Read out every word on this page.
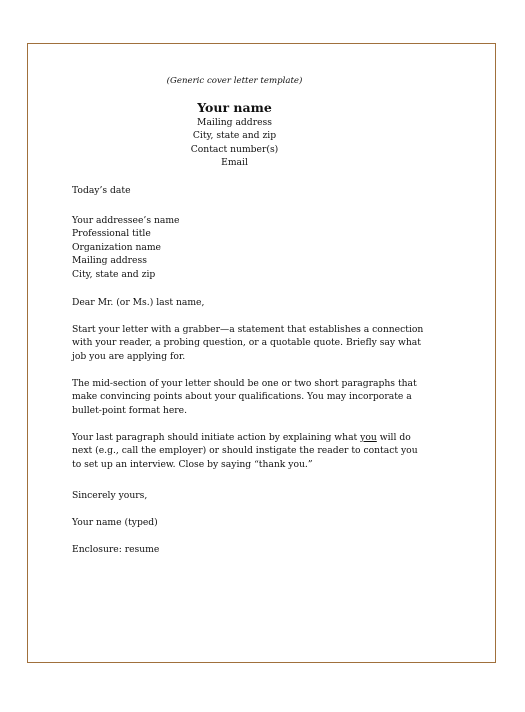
(Generic cover letter template)
Your name
Mailing address
City, state and zip
Contact number(s)
Email
Today’s date
Your addressee’s name
Professional title
Organization name
Mailing address
City, state and zip
Dear Mr. (or Ms.) last name,

Start your letter with a grabber—a statement that establishes a connection with your reader, a probing question, or a quotable quote. Briefly say what job you are applying for.

The mid-section of your letter should be one or two short paragraphs that make convincing points about your qualifications. You may incorporate a bullet-point format here.

Your last paragraph should initiate action by explaining what you will do next (e.g., call the employer) or should instigate the reader to contact you to set up an interview. Close by saying “thank you.”

Sincerely yours,
Your name (typed)
Enclosure: resume
